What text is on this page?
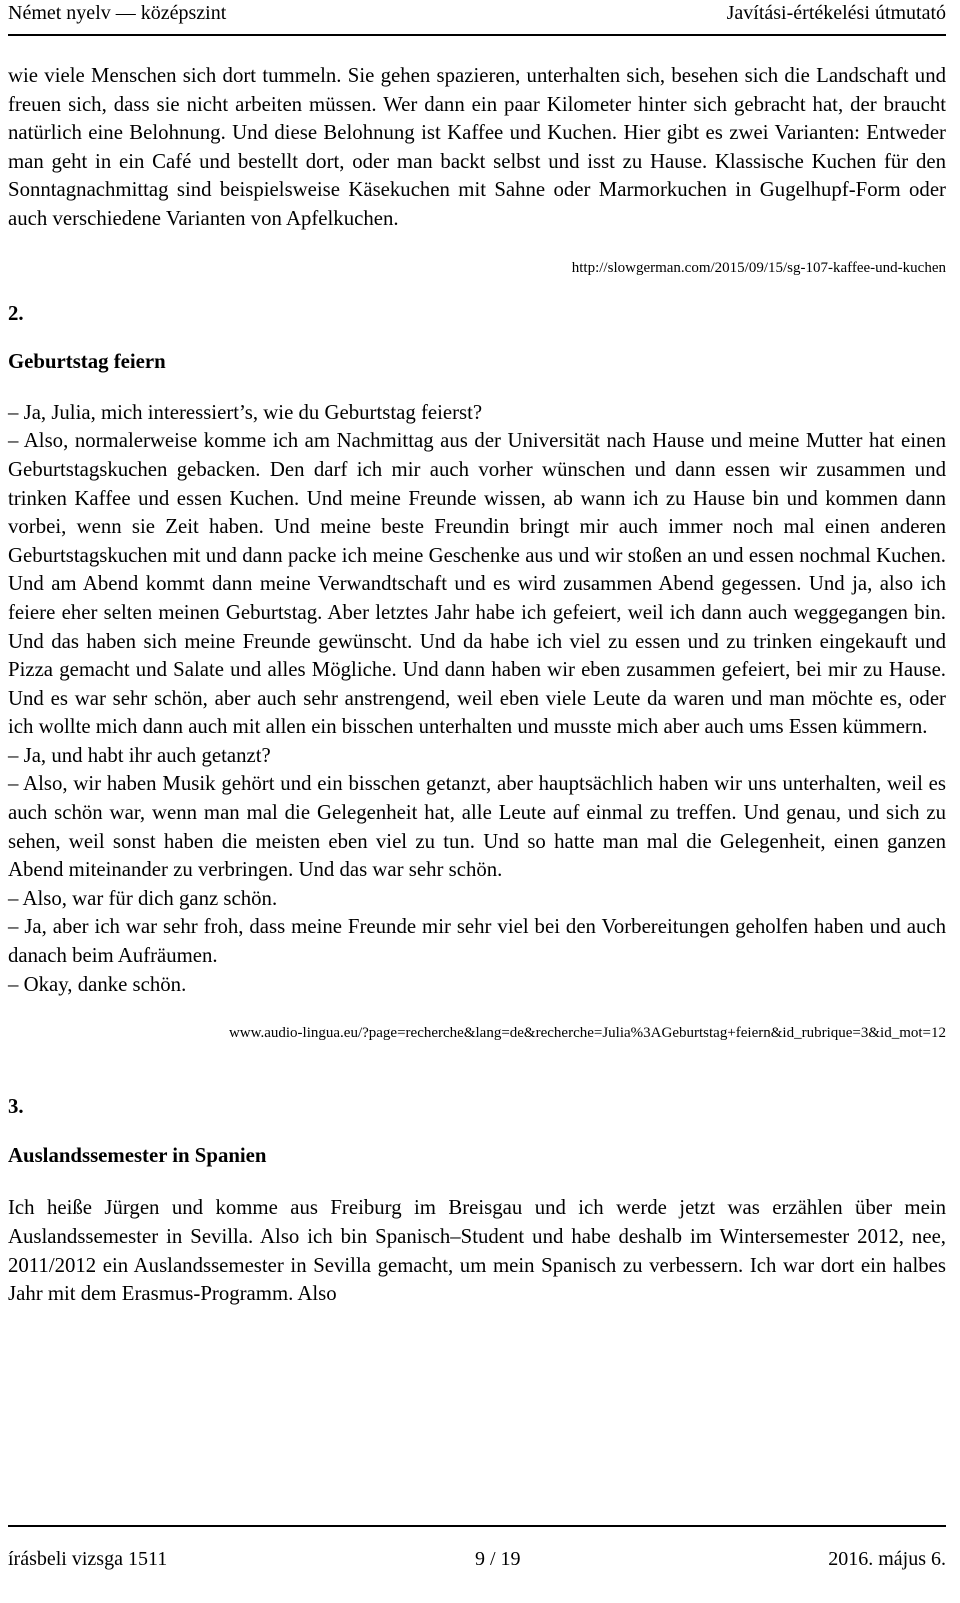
Német nyelv — középszint	Javítási-értékelési útmutató

wie viele Menschen sich dort tummeln. Sie gehen spazieren, unterhalten sich, besehen sich die Landschaft und freuen sich, dass sie nicht arbeiten müssen. Wer dann ein paar Kilometer hinter sich gebracht hat, der braucht natürlich eine Belohnung. Und diese Belohnung ist Kaffee und Kuchen. Hier gibt es zwei Varianten: Entweder man geht in ein Café und bestellt dort, oder man backt selbst und isst zu Hause. Klassische Kuchen für den Sonntagnachmittag sind beispielsweise Käsekuchen mit Sahne oder Marmorkuchen in Gugelhupf-Form oder auch verschiedene Varianten von Apfelkuchen.

http://slowgerman.com/2015/09/15/sg-107-kaffee-und-kuchen

2.

Geburtstag feiern

– Ja, Julia, mich interessiert’s, wie du Geburtstag feierst?

– Also, normalerweise komme ich am Nachmittag aus der Universität nach Hause und meine Mutter hat einen Geburtstagskuchen gebacken. Den darf ich mir auch vorher wünschen und dann essen wir zusammen und trinken Kaffee und essen Kuchen. Und meine Freunde wissen, ab wann ich zu Hause bin und kommen dann vorbei, wenn sie Zeit haben. Und meine beste Freundin bringt mir auch immer noch mal einen anderen Geburtstagskuchen mit und dann packe ich meine Geschenke aus und wir stoßen an und essen nochmal Kuchen. Und am Abend kommt dann meine Verwandtschaft und es wird zusammen Abend gegessen. Und ja, also ich feiere eher selten meinen Geburtstag. Aber letztes Jahr habe ich gefeiert, weil ich dann auch weggegangen bin. Und das haben sich meine Freunde gewünscht. Und da habe ich viel zu essen und zu trinken eingekauft und Pizza gemacht und Salate und alles Mögliche. Und dann haben wir eben zusammen gefeiert, bei mir zu Hause. Und es war sehr schön, aber auch sehr anstrengend, weil eben viele Leute da waren und man möchte es, oder ich wollte mich dann auch mit allen ein bisschen unterhalten und musste mich aber auch ums Essen kümmern.

– Ja, und habt ihr auch getanzt?

– Also, wir haben Musik gehört und ein bisschen getanzt, aber hauptsächlich haben wir uns unterhalten, weil es auch schön war, wenn man mal die Gelegenheit hat, alle Leute auf einmal zu treffen. Und genau, und sich zu sehen, weil sonst haben die meisten eben viel zu tun. Und so hatte man mal die Gelegenheit, einen ganzen Abend miteinander zu verbringen. Und das war sehr schön.

– Also, war für dich ganz schön.

– Ja, aber ich war sehr froh, dass meine Freunde mir sehr viel bei den Vorbereitungen geholfen haben und auch danach beim Aufräumen.

– Okay, danke schön.

www.audio-lingua.eu/?page=recherche&lang=de&recherche=Julia%3AGeburtstag+feiern&id_rubrique=3&id_mot=12

3.

Auslandssemester in Spanien

Ich heiße Jürgen und komme aus Freiburg im Breisgau und ich werde jetzt was erzählen über mein Auslandssemester in Sevilla. Also ich bin Spanisch–Student und habe deshalb im Wintersemester 2012, nee, 2011/2012 ein Auslandssemester in Sevilla gemacht, um mein Spanisch zu verbessern. Ich war dort ein halbes Jahr mit dem Erasmus-Programm. Also

írásbeli vizsga 1511	9 / 19	2016. május 6.
